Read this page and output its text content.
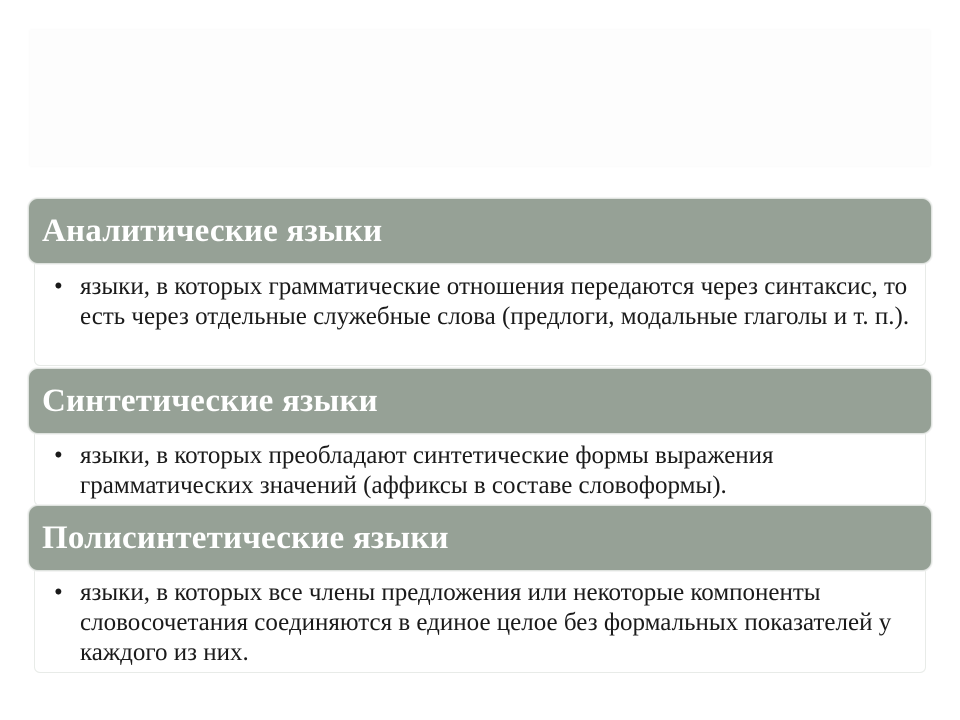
Аналитические языки
• языки, в которых грамматические отношения передаются через синтаксис, то есть через отдельные служебные слова (предлоги, модальные глаголы и т. п.).

Синтетические языки
• языки, в которых преобладают синтетические формы выражения грамматических значений (аффиксы в составе словоформы).

Полисинтетические языки
• языки, в которых все члены предложения или некоторые компоненты словосочетания соединяются в единое целое без формальных показателей у каждого из них.
